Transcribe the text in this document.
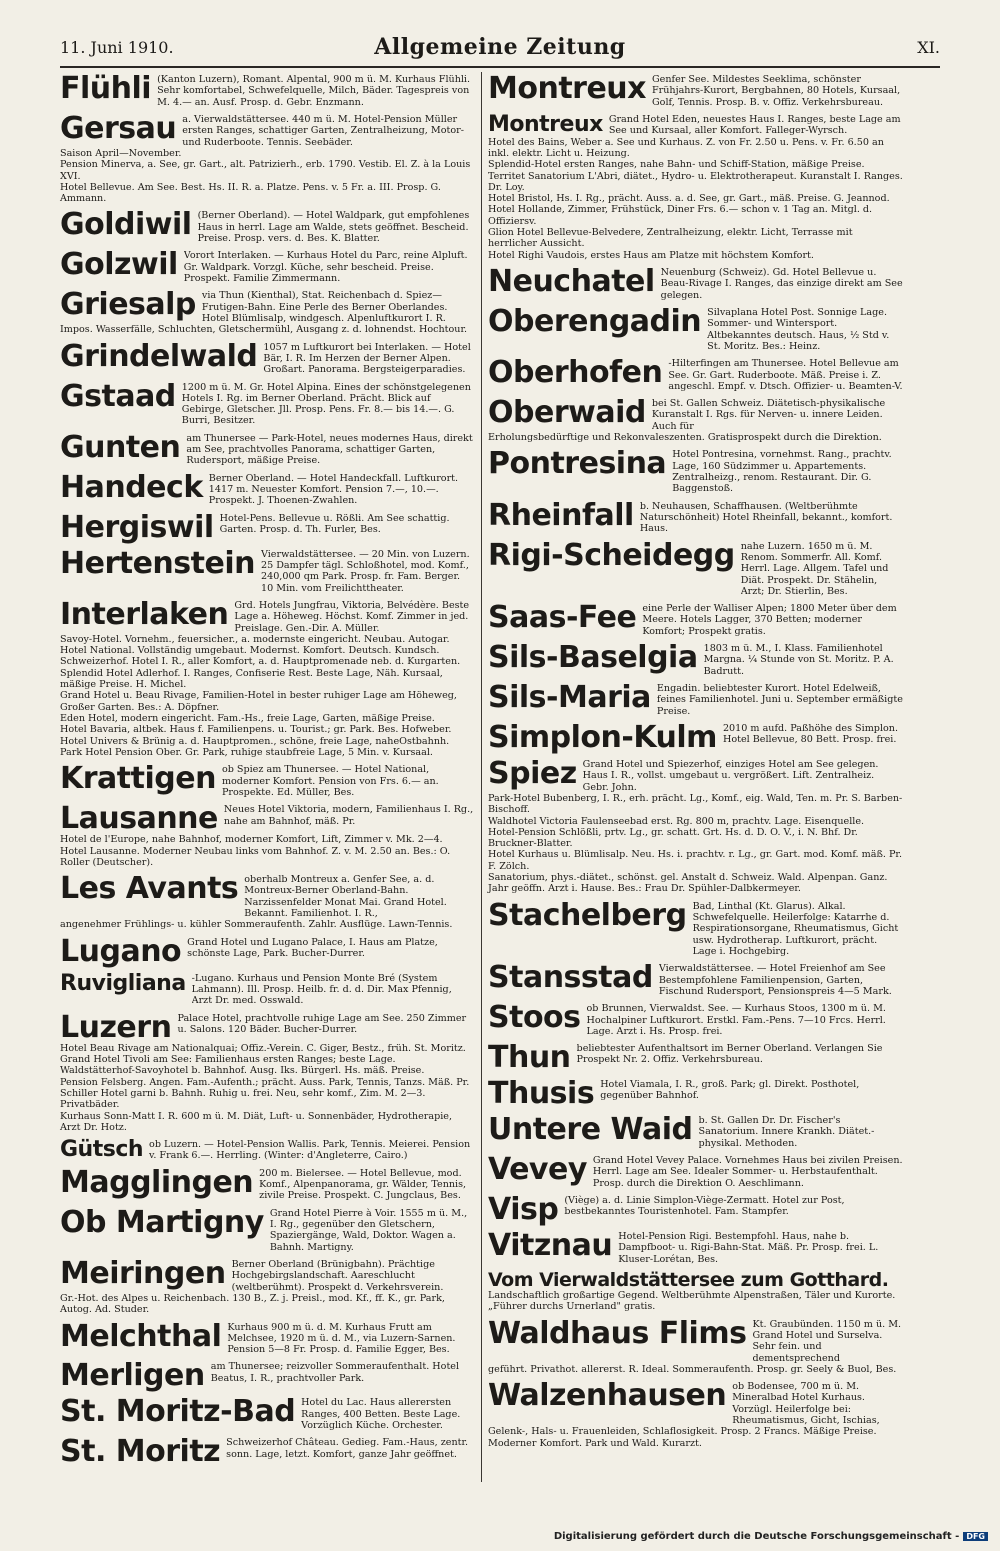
11. Juni 1910.	Allgemeine Zeitung	XI.
Flühli (Kanton Luzern), Romant. Alpental, 900 m ü. M. Kurhaus Flühli. Sehr komfortabel, Schwefelquelle, Milch, Bäder. Tagespreis von M. 4.— an. Ausf. Prosp. d. Gebr. Enzmann.
Gersau a. Vierwaldstättersee. 440 m ü. M. Hotel-Pension Müller ersten Ranges, schattiger Garten, Zentralheizung, Motor- und Ruderboote. Tennis. Seebäder.
Saison April—November.
Pension Minerva, a. See, gr. Gart., alt. Patrizierh., erb. 1790. Vestib. El. Z. à la Louis XVI.
Hotel Bellevue. Am See. Best. Hs. II. R. a. Platze. Pens. v. 5 Fr. a. III. Prosp. G. Ammann.
Goldiwil (Berner Oberland). — Hotel Waldpark, gut empfohlenes Haus in herrl. Lage am Walde, stets geöffnet. Bescheid. Preise. Prosp. vers. d. Bes. K. Blatter.
Golzwil Vorort Interlaken. — Kurhaus Hotel du Parc, reine Alpluft. Gr. Waldpark. Vorzgl. Küche, sehr bescheid. Preise. Prospekt. Familie Zimmermann.
Griesalp via Thun (Kienthal), Stat. Reichenbach d. Spiez—Frutigen-Bahn. Eine Perle des Berner Oberlandes. Hotel Blümlisalp, windgesch. Alpenluftkurort I. R.
Impos. Wasserfälle, Schluchten, Gletschermühl, Ausgang z. d. lohnendst. Hochtour.
Grindelwald 1057 m Luftkurort bei Interlaken. — Hotel Bär, I. R. Im Herzen der Berner Alpen. Großart. Panorama. Bergsteigerparadies.
Gstaad 1200 m ü. M. Gr. Hotel Alpina. Eines der schönstgelegenen Hotels I. Rg. im Berner Oberland. Prächt. Blick auf Gebirge, Gletscher. Jll. Prosp. Pens. Fr. 8.— bis 14.—. G. Burri, Besitzer.
Gunten am Thunersee — Park-Hotel, neues modernes Haus, direkt am See, prachtvolles Panorama, schattiger Garten, Rudersport, mäßige Preise.
Handeck Berner Oberland. — Hotel Handeckfall. Luftkurort. 1417 m. Neuester Komfort. Pension 7.—, 10.—. Prospekt. J. Thoenen-Zwahlen.
Hergiswil Hotel-Pens. Bellevue u. Rößli. Am See schattig. Garten. Prosp. d. Th. Furler, Bes.
Hertenstein Vierwaldstättersee. — 20 Min. von Luzern. 25 Dampfer tägl. Schloßhotel, mod. Komf., 240,000 qm Park. Prosp. fr. Fam. Berger. 10 Min. vom Freilichttheater.
Interlaken Grd. Hotels Jungfrau, Viktoria, Belvédère. Beste Lage a. Höheweg. Höchst. Komf. Zimmer in jed. Preislage. Gen.-Dir. A. Müller.
Savoy-Hotel. Vornehm., feuersicher., a. modernste eingericht. Neubau. Autogar.
Hotel National. Vollständig umgebaut. Modernst. Komfort. Deutsch. Kundsch.
Schweizerhof. Hotel I. R., aller Komfort, a. d. Hauptpromenade neb. d. Kurgarten.
Splendid Hotel Adlerhof. I. Ranges, Confiserie Rest. Beste Lage, Näh. Kursaal, mäßige Preise. H. Michel.
Grand Hotel u. Beau Rivage, Familien-Hotel in bester ruhiger Lage am Höheweg, Großer Garten. Bes.: A. Döpfner.
Eden Hotel, modern eingericht. Fam.-Hs., freie Lage, Garten, mäßige Preise.
Hotel Bavaria, altbek. Haus f. Familienpens. u. Tourist.; gr. Park. Bes. Hofweber.
Hotel Univers & Brünig a. d. Hauptpromen., schöne, freie Lage, naheOstbahnh.
Park Hotel Pension Ober. Gr. Park, ruhige staubfreie Lage, 5 Min. v. Kursaal.
Krattigen ob Spiez am Thunersee. — Hotel National, moderner Komfort. Pension von Frs. 6.— an. Prospekte. Ed. Müller, Bes.
Lausanne Neues Hotel Viktoria, modern, Familienhaus I. Rg., nahe am Bahnhof, mäß. Pr.
Hotel de l'Europe, nahe Bahnhof, moderner Komfort, Lift, Zimmer v. Mk. 2—4.
Hotel Lausanne. Moderner Neubau links vom Bahnhof. Z. v. M. 2.50 an. Bes.: O. Roller (Deutscher).
Les Avants oberhalb Montreux a. Genfer See, a. d. Montreux-Berner Oberland-Bahn. Narzissenfelder Monat Mai. Grand Hotel. Bekannt. Familienhot. I. R.,
angenehmer Frühlings- u. kühler Sommeraufenth. Zahlr. Ausflüge. Lawn-Tennis.
Lugano Grand Hotel und Lugano Palace, I. Haus am Platze, schönste Lage, Park. Bucher-Durrer.
Ruvigliana -Lugano. Kurhaus und Pension Monte Bré (System Lahmann). Ill. Prosp. Heilb. fr. d. d. Dir. Max Pfennig, Arzt Dr. med. Osswald.
Luzern Palace Hotel, prachtvolle ruhige Lage am See. 250 Zimmer u. Salons. 120 Bäder. Bucher-Durrer.
Hotel Beau Rivage am Nationalquai; Offiz.-Verein. C. Giger, Bestz., früh. St. Moritz.
Grand Hotel Tivoli am See: Familienhaus ersten Ranges; beste Lage.
Waldstätterhof-Savoyhotel b. Bahnhof. Ausg. Iks. Bürgerl. Hs. mäß. Preise.
Pension Felsberg. Angen. Fam.-Aufenth.; prächt. Auss. Park, Tennis, Tanzs. Mäß. Pr.
Schiller Hotel garni b. Bahnh. Ruhig u. frei. Neu, sehr komf., Zim. M. 2—3. Privatbäder.
Kurhaus Sonn-Matt I. R. 600 m ü. M. Diät, Luft- u. Sonnenbäder, Hydrotherapie, Arzt Dr. Hotz.
Gütsch ob Luzern. — Hotel-Pension Wallis. Park, Tennis. Meierei. Pension v. Frank 6.—. Herrling. (Winter: d'Angleterre, Cairo.)
Magglingen 200 m. Bielersee. — Hotel Bellevue, mod. Komf., Alpenpanorama, gr. Wälder, Tennis, zivile Preise. Prospekt. C. Jungclaus, Bes.
Ob Martigny Grand Hotel Pierre à Voir. 1555 m ü. M., I. Rg., gegenüber den Gletschern, Spaziergänge, Wald, Doktor. Wagen a. Bahnh. Martigny.
Meiringen Berner Oberland (Brünigbahn). Prächtige Hochgebirgslandschaft. Aareschlucht (weltberühmt). Prospekt d. Verkehrsverein.
Gr.-Hot. des Alpes u. Reichenbach. 130 B., Z. j. Preisl., mod. Kf., ff. K., gr. Park, Autog. Ad. Studer.
Melchthal Kurhaus 900 m ü. d. M. Kurhaus Frutt am Melchsee, 1920 m ü. d. M., via Luzern-Sarnen. Pension 5—8 Fr. Prosp. d. Familie Egger, Bes.
Merligen am Thunersee; reizvoller Sommeraufenthalt. Hotel Beatus, I. R., prachtvoller Park.
St. Moritz-Bad Hotel du Lac. Haus allerersten Ranges, 400 Betten. Beste Lage. Vorzüglich Küche. Orchester.
St. Moritz Schweizerhof Château. Gedieg. Fam.-Haus, zentr. sonn. Lage, letzt. Komfort, ganze Jahr geöffnet.
Montreux Genfer See. Mildestes Seeklima, schönster Frühjahrs-Kurort, Bergbahnen, 80 Hotels, Kursaal, Golf, Tennis. Prosp. B. v. Offiz. Verkehrsbureau.
Montreux Grand Hotel Eden, neuestes Haus I. Ranges, beste Lage am See und Kursaal, aller Komfort. Falleger-Wyrsch.
Hotel des Bains, Weber a. See und Kurhaus. Z. von Fr. 2.50 u. Pens. v. Fr. 6.50 an inkl. elektr. Licht u. Heizung.
Splendid-Hotel ersten Ranges, nahe Bahn- und Schiff-Station, mäßige Preise.
Territet Sanatorium L'Abri, diätet., Hydro- u. Elektrotherapeut. Kuranstalt I. Ranges. Dr. Loy.
Hotel Bristol, Hs. I. Rg., prächt. Auss. a. d. See, gr. Gart., mäß. Preise. G. Jeannod.
Hotel Hollande, Zimmer, Frühstück, Diner Frs. 6.— schon v. 1 Tag an. Mitgl. d. Offiziersv.
Glion Hotel Bellevue-Belvedere, Zentralheizung, elektr. Licht, Terrasse mit herrlicher Aussicht.
Hotel Righi Vaudois, erstes Haus am Platze mit höchstem Komfort.
Neuchatel Neuenburg (Schweiz). Gd. Hotel Bellevue u. Beau-Rivage I. Ranges, das einzige direkt am See gelegen.
Oberengadin Silvaplana Hotel Post. Sonnige Lage. Sommer- und Wintersport. Altbekanntes deutsch. Haus, ½ Std v. St. Moritz. Bes.: Heinz.
Oberhofen -Hilterfingen am Thunersee. Hotel Bellevue am See. Gr. Gart. Ruderboote. Mäß. Preise i. Z. angeschl. Empf. v. Dtsch. Offizier- u. Beamten-V.
Oberwaid bei St. Gallen Schweiz. Diätetisch-physikalische Kuranstalt I. Rgs. für Nerven- u. innere Leiden. Auch für
Erholungsbedürftige und Rekonvaleszenten. Gratisprospekt durch die Direktion.
Pontresina Hotel Pontresina, vornehmst. Rang., prachtv. Lage, 160 Südzimmer u. Appartements. Zentralheizg., renom. Restaurant. Dir. G. Baggenstoß.
Rheinfall b. Neuhausen, Schaffhausen. (Weltberühmte Naturschönheit) Hotel Rheinfall, bekannt., komfort. Haus.
Rigi-Scheidegg nahe Luzern. 1650 m ü. M. Renom. Sommerfr. All. Komf. Herrl. Lage. Allgem. Tafel und Diät. Prospekt. Dr. Stähelin, Arzt; Dr. Stierlin, Bes.
Saas-Fee eine Perle der Walliser Alpen; 1800 Meter über dem Meere. Hotels Lagger, 370 Betten; moderner Komfort; Prospekt gratis.
Sils-Baselgia 1803 m ü. M., I. Klass. Familienhotel Margna. ¼ Stunde von St. Moritz. P. A. Badrutt.
Sils-Maria Engadin. beliebtester Kurort. Hotel Edelweiß, feines Familienhotel. Juni u. September ermäßigte Preise.
Simplon-Kulm 2010 m aufd. Paßhöhe des Simplon. Hotel Bellevue, 80 Bett. Prosp. frei.
Spiez Grand Hotel und Spiezerhof, einziges Hotel am See gelegen. Haus I. R., vollst. umgebaut u. vergrößert. Lift. Zentralheiz. Gebr. John.
Park-Hotel Bubenberg, I. R., erh. prächt. Lg., Komf., eig. Wald, Ten. m. Pr. S. Barben-Bischoff.
Waldhotel Victoria Faulenseebad erst. Rg. 800 m, prachtv. Lage. Eisenquelle.
Hotel-Pension Schlößli, prtv. Lg., gr. schatt. Grt. Hs. d. D. O. V., i. N. Bhf. Dr. Bruckner-Blatter.
Hotel Kurhaus u. Blümlisalp. Neu. Hs. i. prachtv. r. Lg., gr. Gart. mod. Komf. mäß. Pr. F. Zölch.
Sanatorium, phys.-diätet., schönst. gel. Anstalt d. Schweiz. Wald. Alpenpan. Ganz. Jahr geöffn. Arzt i. Hause. Bes.: Frau Dr. Spühler-Dalbkermeyer.
Stachelberg Bad, Linthal (Kt. Glarus). Alkal. Schwefelquelle. Heilerfolge: Katarrhe d. Respirationsorgane, Rheumatismus, Gicht usw. Hydrotherap. Luftkurort, prächt. Lage i. Hochgebirg.
Stansstad Vierwaldstättersee. — Hotel Freienhof am See Bestempfohlene Familienpension, Garten, Fischund Rudersport, Pensionspreis 4—5 Mark.
Stoos ob Brunnen, Vierwaldst. See. — Kurhaus Stoos, 1300 m ü. M. Hochalpiner Luftkurort. Erstkl. Fam.-Pens. 7—10 Frcs. Herrl. Lage. Arzt i. Hs. Prosp. frei.
Thun beliebtester Aufenthaltsort im Berner Oberland. Verlangen Sie Prospekt Nr. 2. Offiz. Verkehrsbureau.
Thusis Hotel Viamala, I. R., groß. Park; gl. Direkt. Posthotel, gegenüber Bahnhof.
Untere Waid b. St. Gallen Dr. Dr. Fischer's Sanatorium. Innere Krankh. Diätet.-physikal. Methoden.
Vevey Grand Hotel Vevey Palace. Vornehmes Haus bei zivilen Preisen. Herrl. Lage am See. Idealer Sommer- u. Herbstaufenthalt. Prosp. durch die Direktion O. Aeschlimann.
Visp (Viège) a. d. Linie Simplon-Viège-Zermatt. Hotel zur Post, bestbekanntes Touristenhotel. Fam. Stampfer.
Vitznau Hotel-Pension Rigi. Bestempfohl. Haus, nahe b. Dampfboot- u. Rigi-Bahn-Stat. Mäß. Pr. Prosp. frei. L. Kluser-Lorétan, Bes.
Vom Vierwaldstättersee zum Gotthard.
Landschaftlich großartige Gegend. Weltberühmte Alpenstraßen, Täler und Kurorte. „Führer durchs Urnerland" gratis.
Waldhaus Flims Kt. Graubünden. 1150 m ü. M. Grand Hotel und Surselva. Sehr fein. und dementsprechend
geführt. Privathot. allererst. R. Ideal. Sommeraufenth. Prosp. gr. Seely & Buol, Bes.
Walzenhausen ob Bodensee, 700 m ü. M. Mineralbad Hotel Kurhaus. Vorzügl. Heilerfolge bei: Rheumatismus, Gicht, Ischias,
Gelenk-, Hals- u. Frauenleiden, Schlaflosigkeit. Prosp. 2 Francs. Mäßige Preise. Moderner Komfort. Park und Wald. Kurarzt.
Digitalisierung gefördert durch die Deutsche Forschungsgemeinschaft - DFG
